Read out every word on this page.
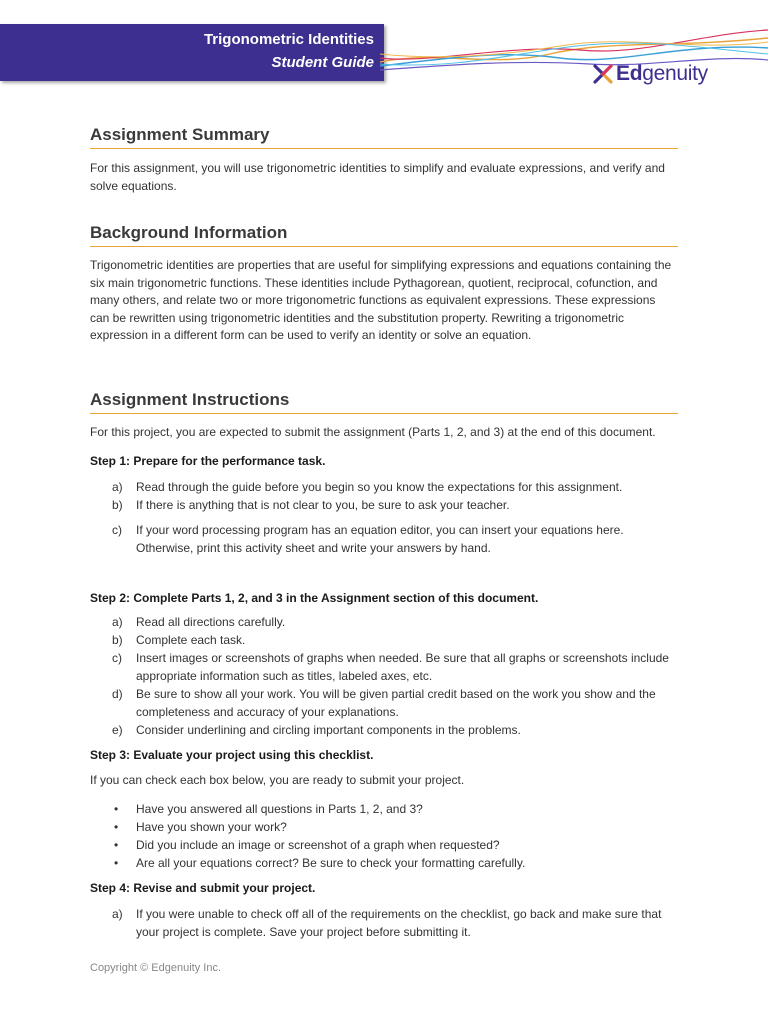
Trigonometric Identities
Student Guide	Edgenuity
Assignment Summary

For this assignment, you will use trigonometric identities to simplify and evaluate expressions, and verify and solve equations.

Background Information

Trigonometric identities are properties that are useful for simplifying expressions and equations containing the six main trigonometric functions. These identities include Pythagorean, quotient, reciprocal, cofunction, and many others, and relate two or more trigonometric functions as equivalent expressions. These expressions can be rewritten using trigonometric identities and the substitution property. Rewriting a trigonometric expression in a different form can be used to verify an identity or solve an equation.

Assignment Instructions

For this project, you are expected to submit the assignment (Parts 1, 2, and 3) at the end of this document.

Step 1: Prepare for the performance task.
a)	Read through the guide before you begin so you know the expectations for this assignment.
b)	If there is anything that is not clear to you, be sure to ask your teacher.
c)	If your word processing program has an equation editor, you can insert your equations here. Otherwise, print this activity sheet and write your answers by hand.
Step 2: Complete Parts 1, 2, and 3 in the Assignment section of this document.
a)	Read all directions carefully.
b)	Complete each task.
c)	Insert images or screenshots of graphs when needed. Be sure that all graphs or screenshots include appropriate information such as titles, labeled axes, etc.
d)	Be sure to show all your work. You will be given partial credit based on the work you show and the completeness and accuracy of your explanations.
e)	Consider underlining and circling important components in the problems.
Step 3: Evaluate your project using this checklist.

If you can check each box below, you are ready to submit your project.

•	Have you answered all questions in Parts 1, 2, and 3?
•	Have you shown your work?
•	Did you include an image or screenshot of a graph when requested?
•	Are all your equations correct? Be sure to check your formatting carefully.
Step 4: Revise and submit your project.
a)	If you were unable to check off all of the requirements on the checklist, go back and make sure that your project is complete. Save your project before submitting it.
Copyright © Edgenuity Inc.
